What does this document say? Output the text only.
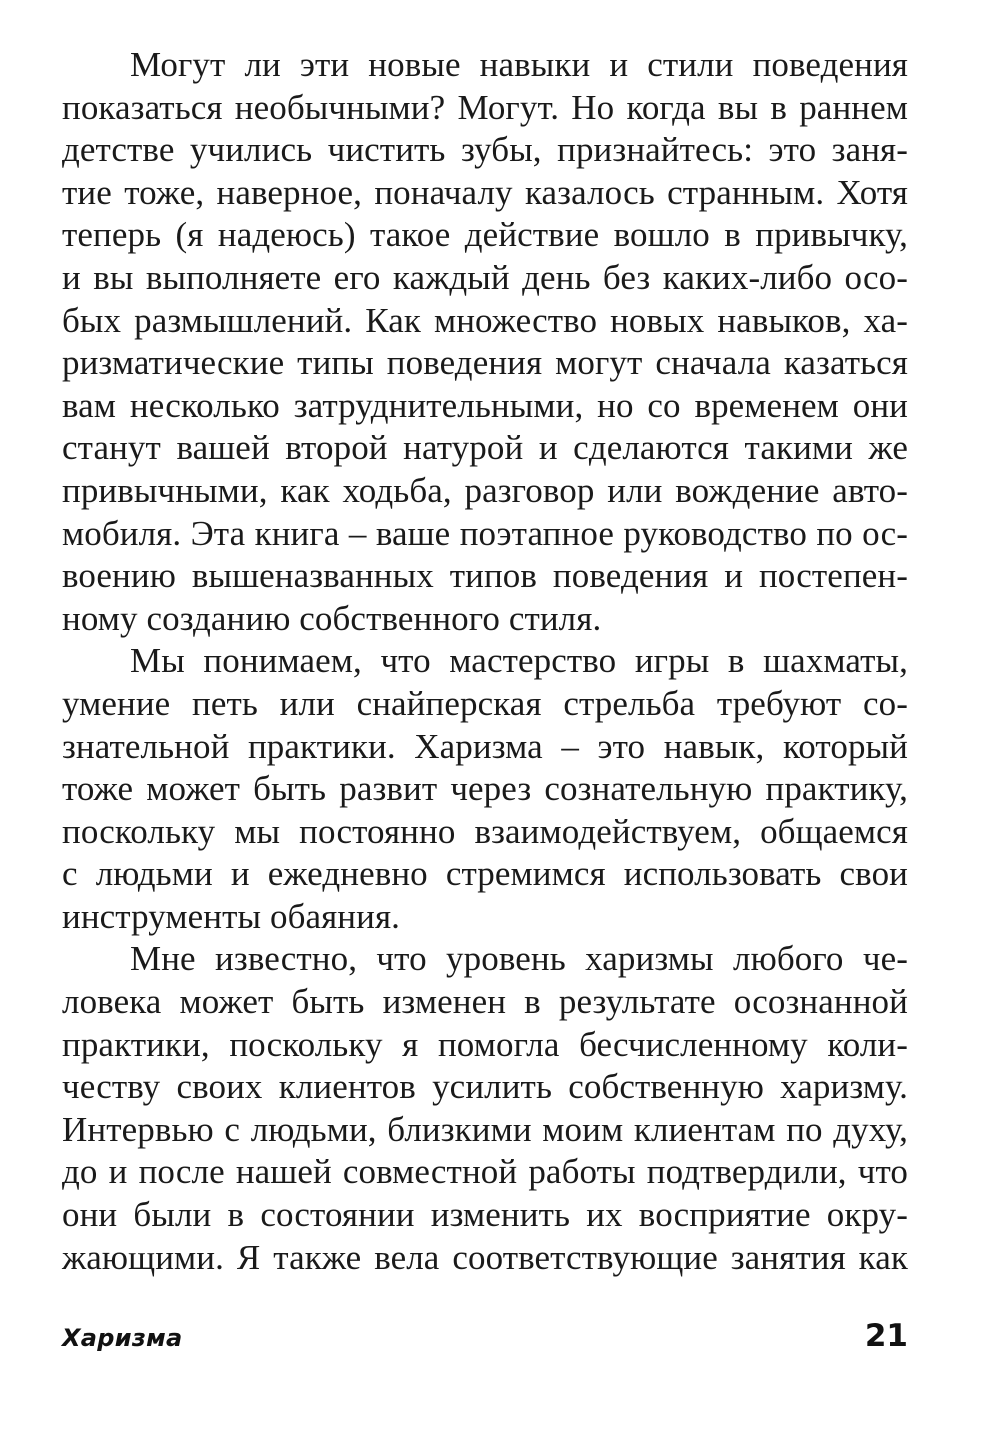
Могут ли эти новые навыки и стили поведения
показаться необычными? Могут. Но когда вы в раннем
детстве учились чистить зубы, признайтесь: это заня-
тие тоже, наверное, поначалу казалось странным. Хотя
теперь (я надеюсь) такое действие вошло в привычку,
и вы выполняете его каждый день без каких-либо осо-
бых размышлений. Как множество новых навыков, ха-
ризматические типы поведения могут сначала казаться
вам несколько затруднительными, но со временем они
станут вашей второй натурой и сделаются такими же
привычными, как ходьба, разговор или вождение авто-
мобиля. Эта книга – ваше поэтапное руководство по ос-
воению вышеназванных типов поведения и постепен-
ному созданию собственного стиля.

Мы понимаем, что мастерство игры в шахматы,
умение петь или снайперская стрельба требуют со-
знательной практики. Харизма – это навык, который
тоже может быть развит через сознательную практику,
поскольку мы постоянно взаимодействуем, общаемся
с людьми и ежедневно стремимся использовать свои
инструменты обаяния.

Мне известно, что уровень харизмы любого че-
ловека может быть изменен в результате осознанной
практики, поскольку я помогла бесчисленному коли-
честву своих клиентов усилить собственную харизму.
Интервью с людьми, близкими моим клиентам по духу,
до и после нашей совместной работы подтвердили, что
они были в состоянии изменить их восприятие окру-
жающими. Я также вела соответствующие занятия как

Харизма	21
